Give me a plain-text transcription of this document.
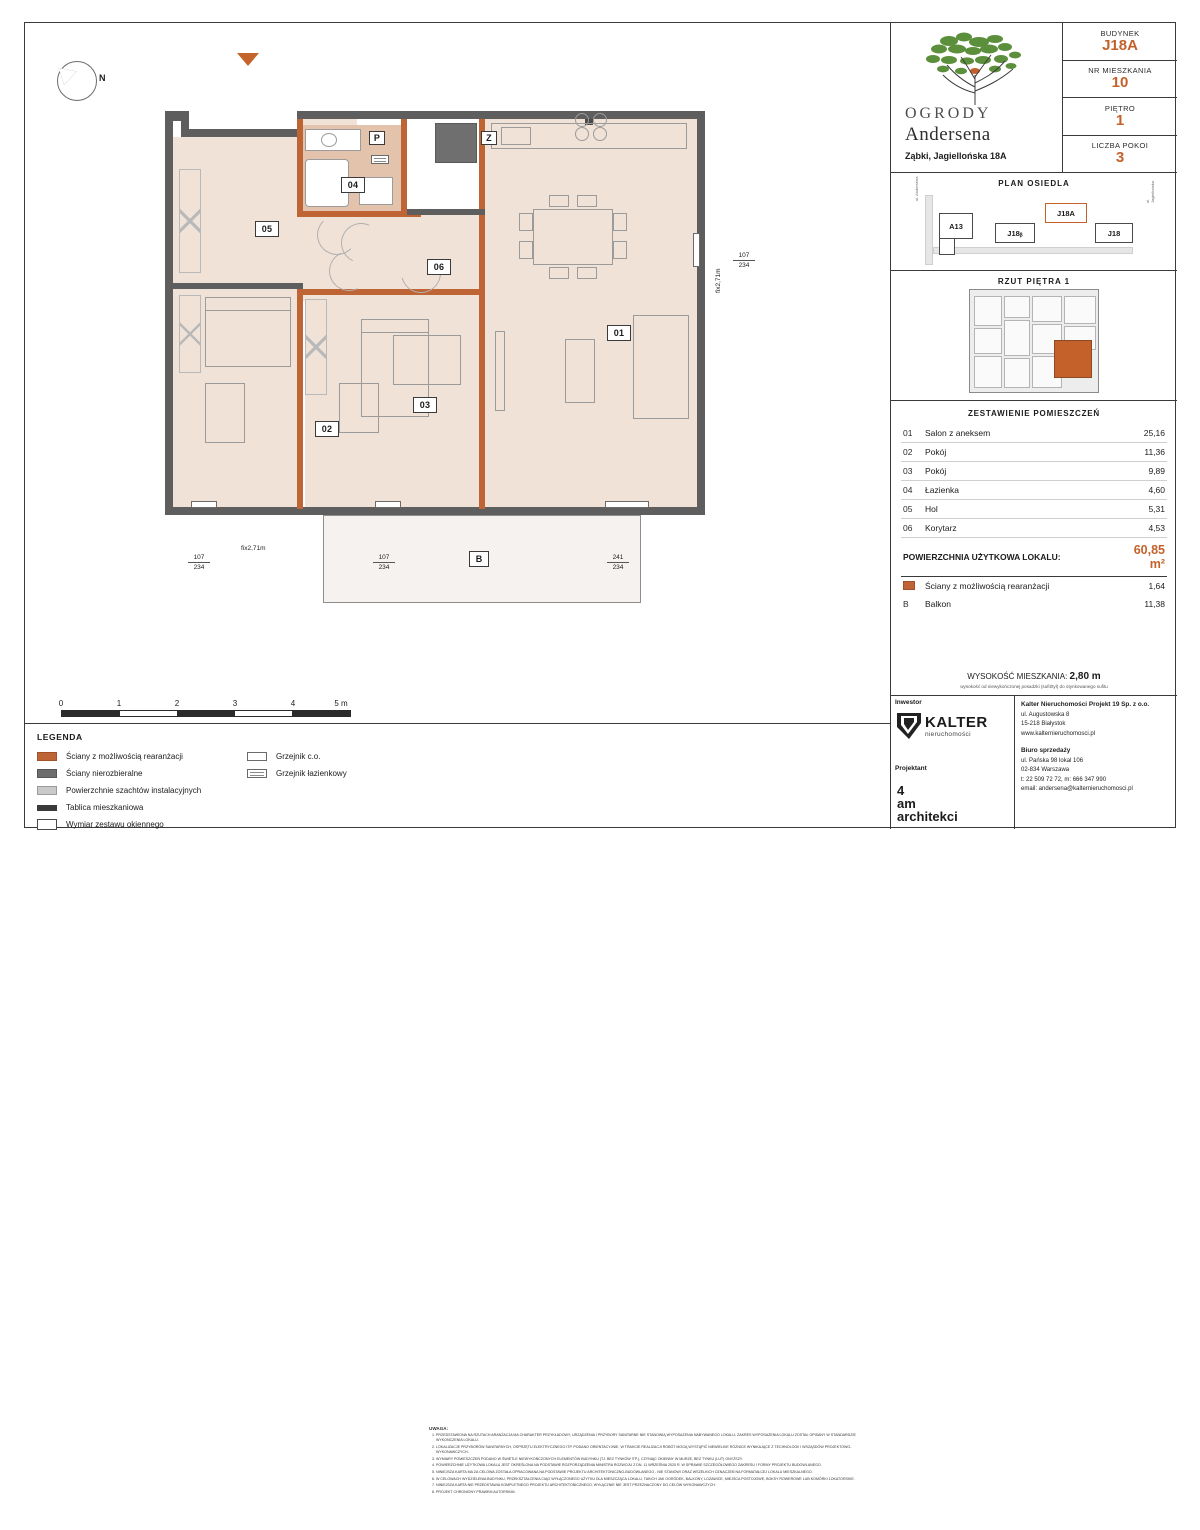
N
Z
P
B
01
02
03
04
05
06
107
234
107
234
107
234
241
234
fix2,71m
fix2,71m
0	1	2	3	4	5 m
LEGENDA
Ściany z możliwością rearanżacji
Ściany nierozbieralne
Powierzchnie szachtów instalacyjnych
Tablica mieszkaniowa
Wymiar zestawu okiennego
Grzejnik c.o.
Grzejnik łazienkowy
UWAGA:
1. PRZEDSTAWIONA NA RZUTACH ARANŻACJA MA CHARAKTER PRZYKŁADOWY; URZĄDZENIA I PRZYBORY SANITARNE NIE STANOWIĄ WYPOSAŻENIA NABYWANEGO LOKALU; ZAKRES WYPOSAŻENIA LOKALU ZOSTAŁ OPISANY W STANDARDZIE WYKOŃCZENIA LOKALU.
2. LOKALIZACJE PRZYBORÓW SANITARNYCH, OSPRZĘTU ELEKTRYCZNEGO ITP. PODANO ORIENTACYJNIE, W TRAKCIE REALIZACJI ROBÓT MOGĄ WYSTĄPIĆ NIEWIELKIE RÓŻNICE WYNIKAJĄCE Z TECHNOLOGII I WSZĄSDÓW PROJEKTOWO-WYKONAWCZYCH.
3. WYMIARY POMIESZCZEŃ PODANO W ŚWIETLE NIEWYKOŃCZONYCH ELEMENTÓW BUDYNKU (TJ. BEZ TYNKÓW ITP.), CZYNIĄC OKIENNY W MURZE, BEZ TYNKU (LUT) ONYŻSZY.
4. POWIERZCHNIE UŻYTKOWA LOKALU JEST OKREŚLONA NA PODSTAWIE ROZPORZĄDZENIA MINISTRA ROZWOJU Z DN. 11 WRZEŚNIA 2020 R. W SPRAWIE SZCZEGÓŁOWEGO ZAKRESU I FORMY PROJEKTU BUDOWLANEGO.
5. NINIEJSZA KARTA MA ZA CELOWA ZOSTAŁA OPRACOWANA NA PODSTAWIE PROJEKTU ARCHITEKTONICZNO-BUDOWLANEGO - NIE STANOWI ORAZ WSZELKICH OZNACZEŃ NA FORMATAŁCEJ LOKALU MIESZKALNEGO.
6. W CELOWACH WYDZIELENIA BUDYNKU, PRZEKSZTAŁCENIA CIĄG WYŁĄCZONEGO UŻYTKU DLA MIESZCZĄCA LOKALU, TAKICH JAK OGRÓDEK, BALKONY, LOŻAWICE, MIEJSCA POSTOJOWE, BOKSY ROWEROWE LUB KOMÓRKI LOKATORSKIE.
7. NINIEJSZA KARTA NIE PRZEDSTAWIA KOMPLETNEGO PROJEKTU ARCHITEKTONICZNEGO, WYŁĄCZNIE NIE JEST PRZEZNACZONY DO CELÓW WYKONAWCZYCH.
8. PROJEKT CHRONIONY PRAWEM AUTORSKIM.
OGRODY
Andersena
Ząbki, Jagiellońska 18A
BUDYNEK
J18A
NR MIESZKANIA
10
PIĘTRO
1
LICZBA POKOI
3
PLAN OSIEDLA
ul. Andersena	ul. Jagiellońska
A13
J18ᵦ
J18A
J18
RZUT PIĘTRA 1
ZESTAWIENIE POMIESZCZEŃ
01	Salon z aneksem	25,16
02	Pokój	11,36
03	Pokój	9,89
04	Łazienka	4,60
05	Hol	5,31
06	Korytarz	4,53
POWIERZCHNIA UŻYTKOWA LOKALU:		60,85 m²
	Ściany z możliwością rearanżacji	1,64
B	Balkon	11,38
WYSOKOŚĆ MIESZKANIA: 2,80 m
wysokość od niewykończonej posadzki (sufit/tyl) do otynkowanego sufitu
Inwestor
KALTER
nieruchomości
Projektant
4
am
architekci
Kalter Nieruchomości Projekt 19 Sp. z o.o.
ul. Augustowska 8
15-218 Białystok
www.kalternieruchomosci.pl
Biuro sprzedaży
ul. Pańska 98 lokal 106
02-834 Warszawa
t: 22 509 72 72, m: 666 347 990
email: andersena@kalternieruchomosci.pl
